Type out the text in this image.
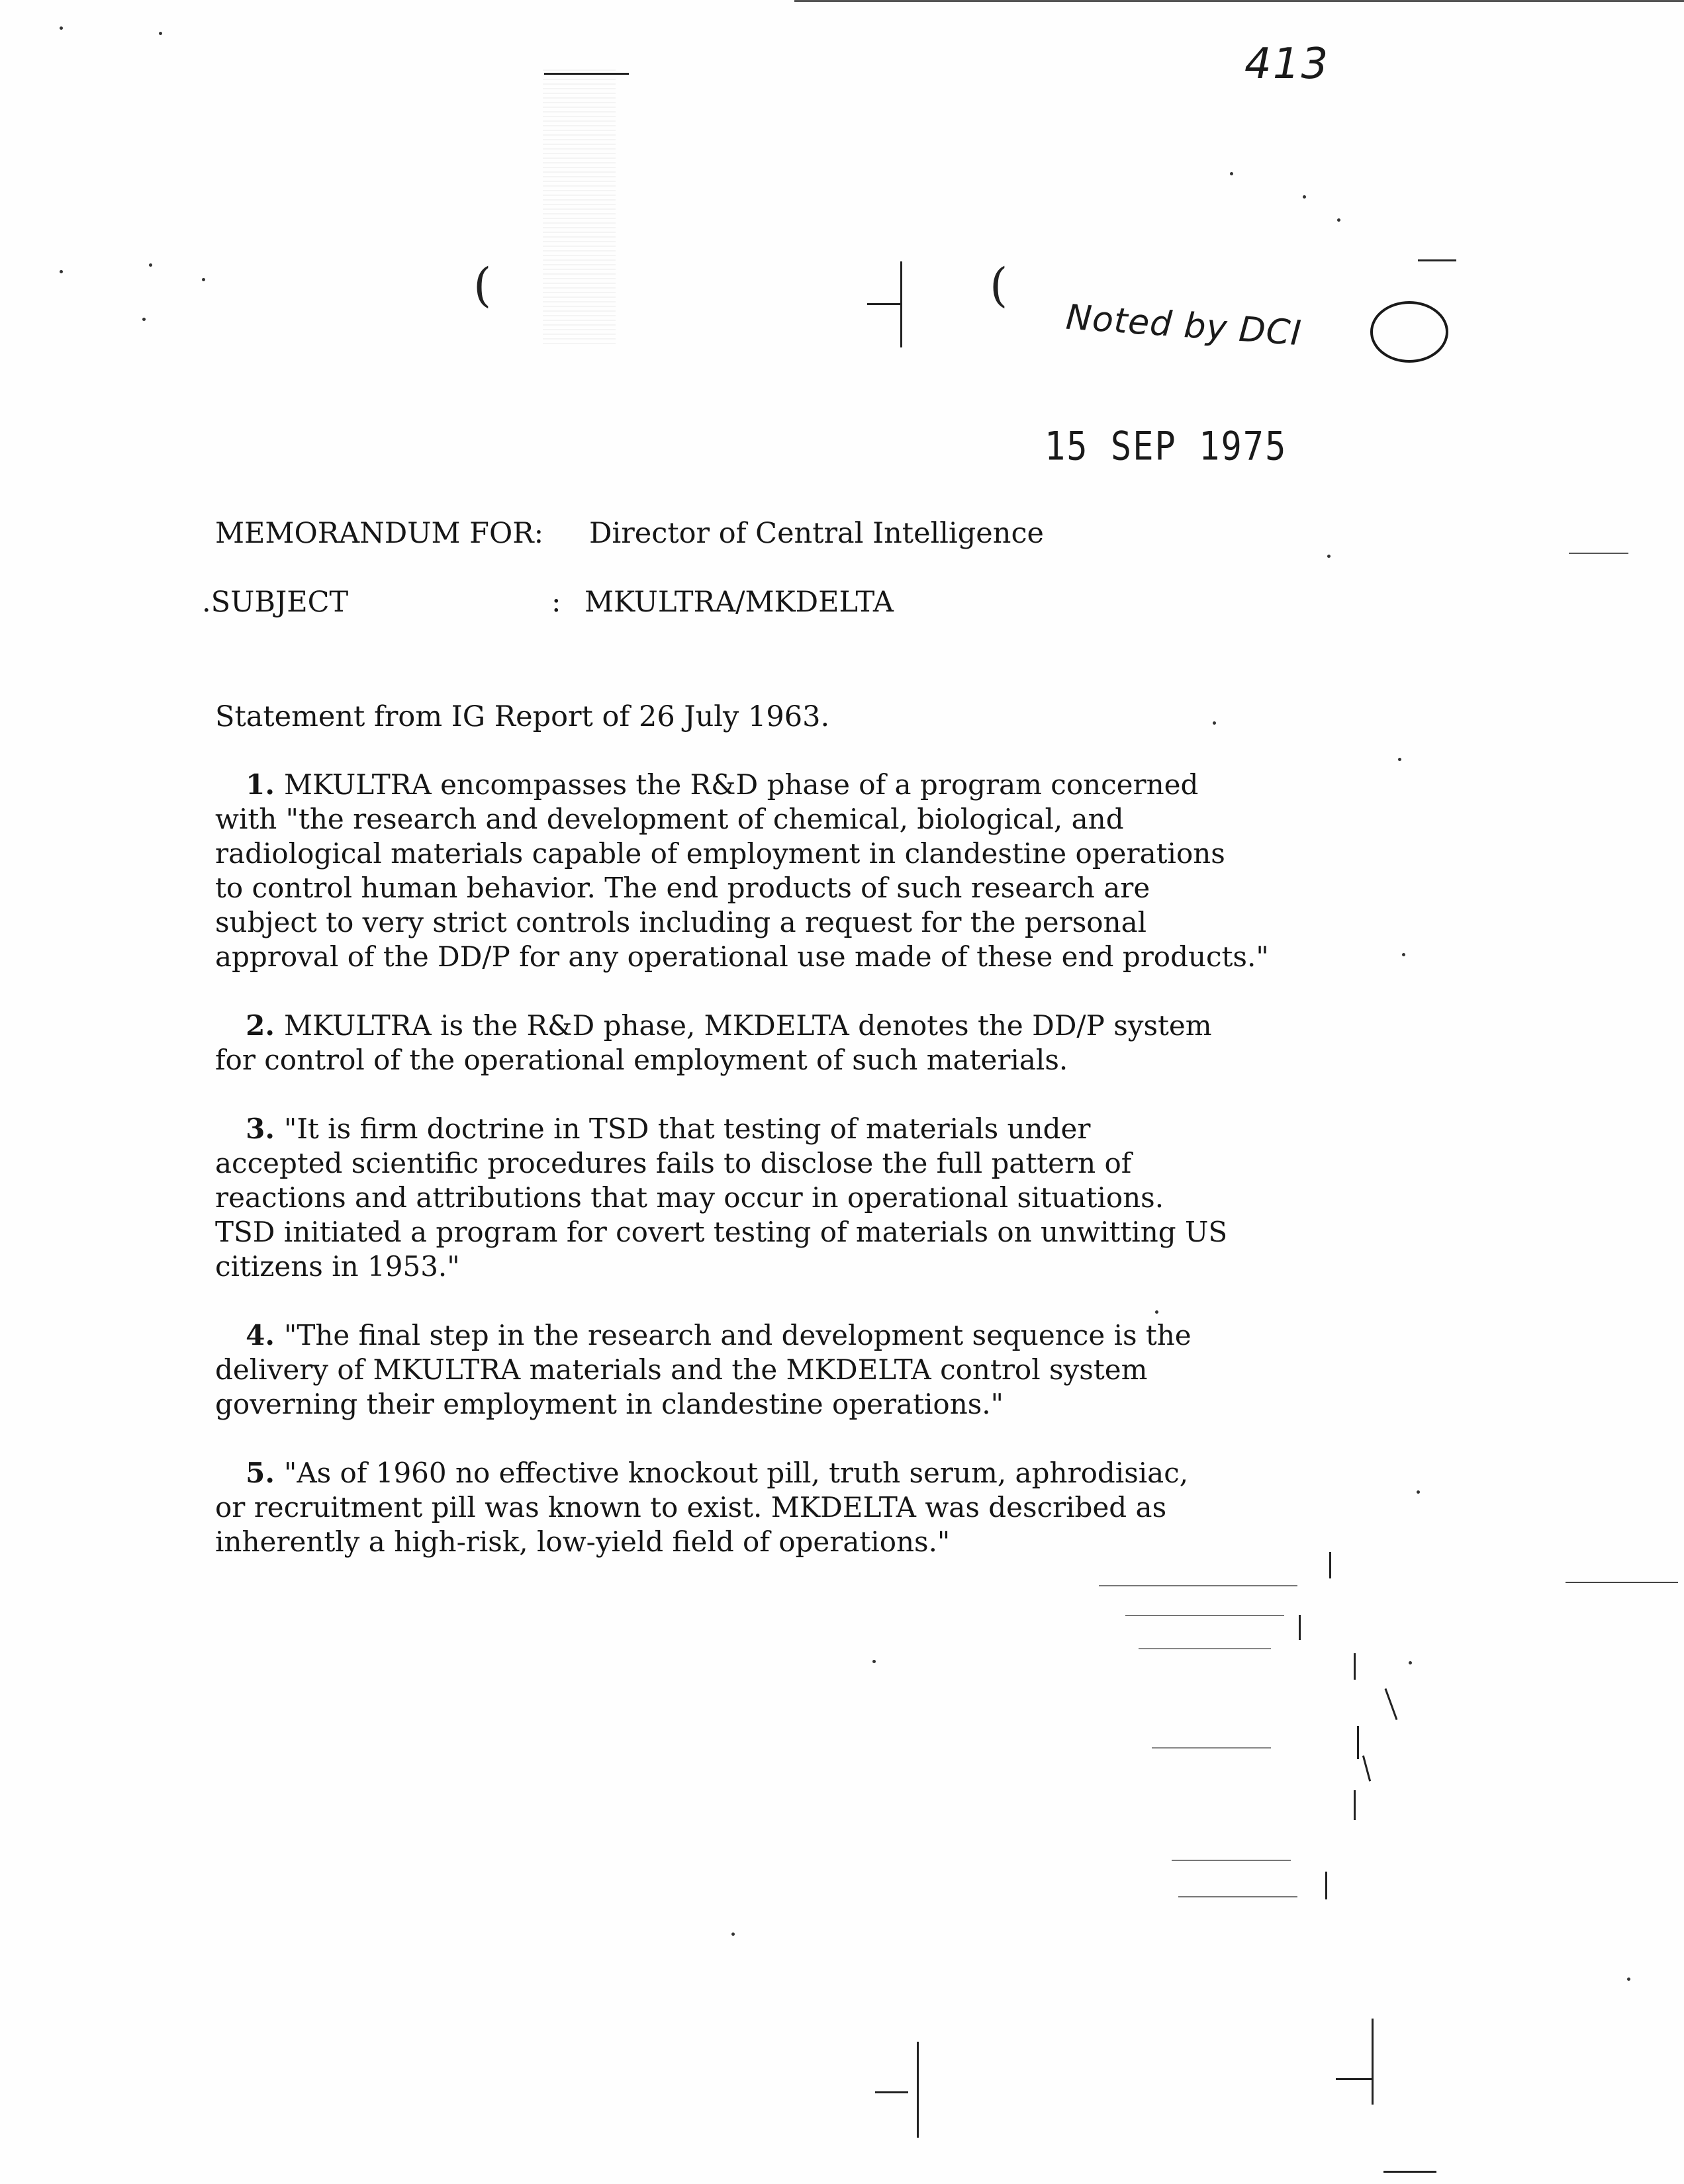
413
(	(
Noted by DCI
15 SEP 1975
MEMORANDUM FOR: Director of Central Intelligence
.SUBJECT	: MKULTRA/MKDELTA
Statement from IG Report of 26 July 1963.
1. MKULTRA encompasses the R&D phase of a program concerned
with "the research and development of chemical, biological, and
radiological materials capable of employment in clandestine operations
to control human behavior. The end products of such research are
subject to very strict controls including a request for the personal
approval of the DD/P for any operational use made of these end products."
2. MKULTRA is the R&D phase, MKDELTA denotes the DD/P system
for control of the operational employment of such materials.
3. "It is firm doctrine in TSD that testing of materials under
accepted scientific procedures fails to disclose the full pattern of
reactions and attributions that may occur in operational situations.
TSD initiated a program for covert testing of materials on unwitting US
citizens in 1953."
4. "The final step in the research and development sequence is the
delivery of MKULTRA materials and the MKDELTA control system
governing their employment in clandestine operations."
5. "As of 1960 no effective knockout pill, truth serum, aphrodisiac,
or recruitment pill was known to exist. MKDELTA was described as
inherently a high-risk, low-yield field of operations."
